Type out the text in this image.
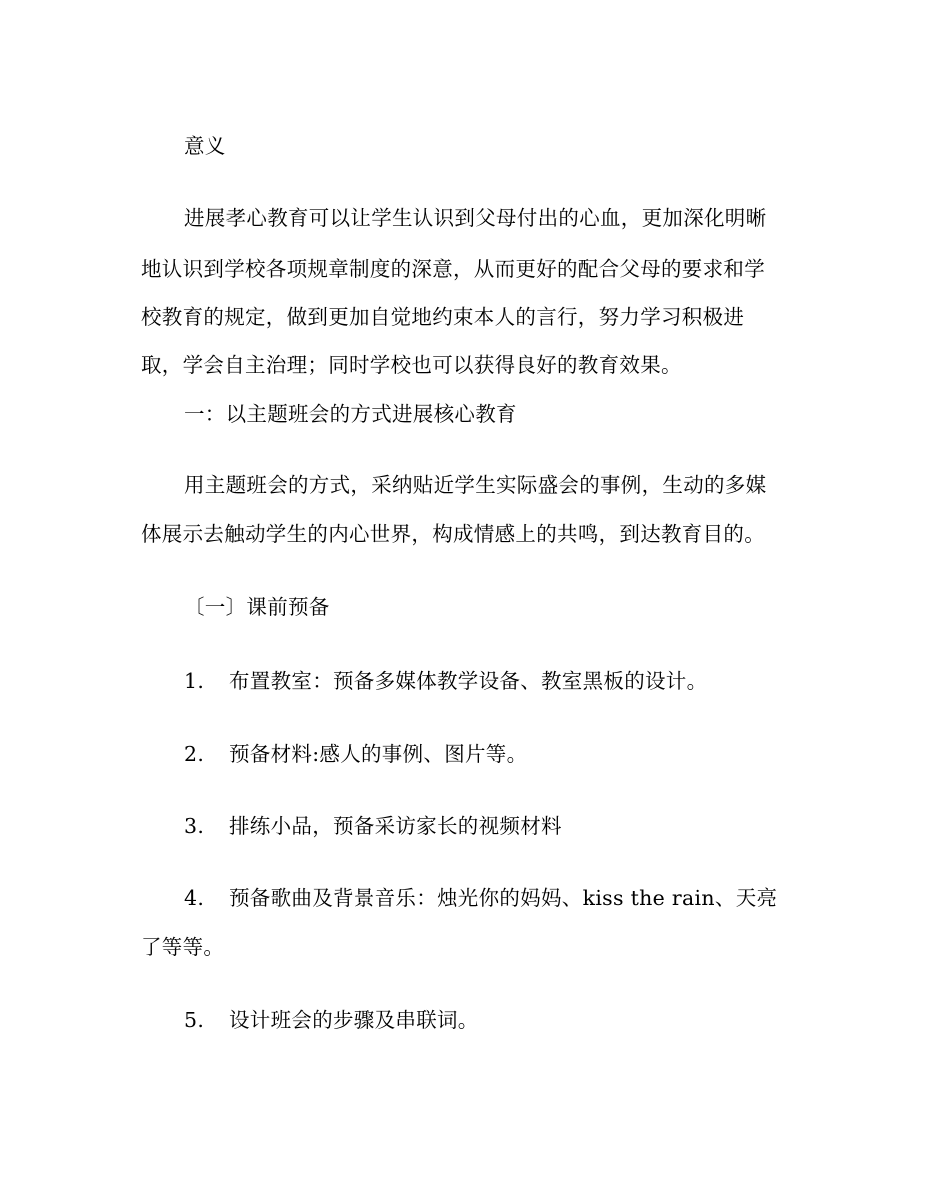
意义
进展孝心教育可以让学生认识到父母付出的心血，更加深化明晰
地认识到学校各项规章制度的深意，从而更好的配合父母的要求和学
校教育的规定，做到更加自觉地约束本人的言行，努力学习积极进
取，学会自主治理；同时学校也可以获得良好的教育效果。
一：以主题班会的方式进展核心教育
用主题班会的方式，采纳贴近学生实际盛会的事例，生动的多媒
体展示去触动学生的内心世界，构成情感上的共鸣，到达教育目的。
〔一〕课前预备
1. 布置教室：预备多媒体教学设备、教室黑板的设计。
2. 预备材料:感人的事例、图片等。
3. 排练小品，预备采访家长的视频材料
4. 预备歌曲及背景音乐：烛光你的妈妈、kiss the rain、天亮
了等等。
5. 设计班会的步骤及串联词。
